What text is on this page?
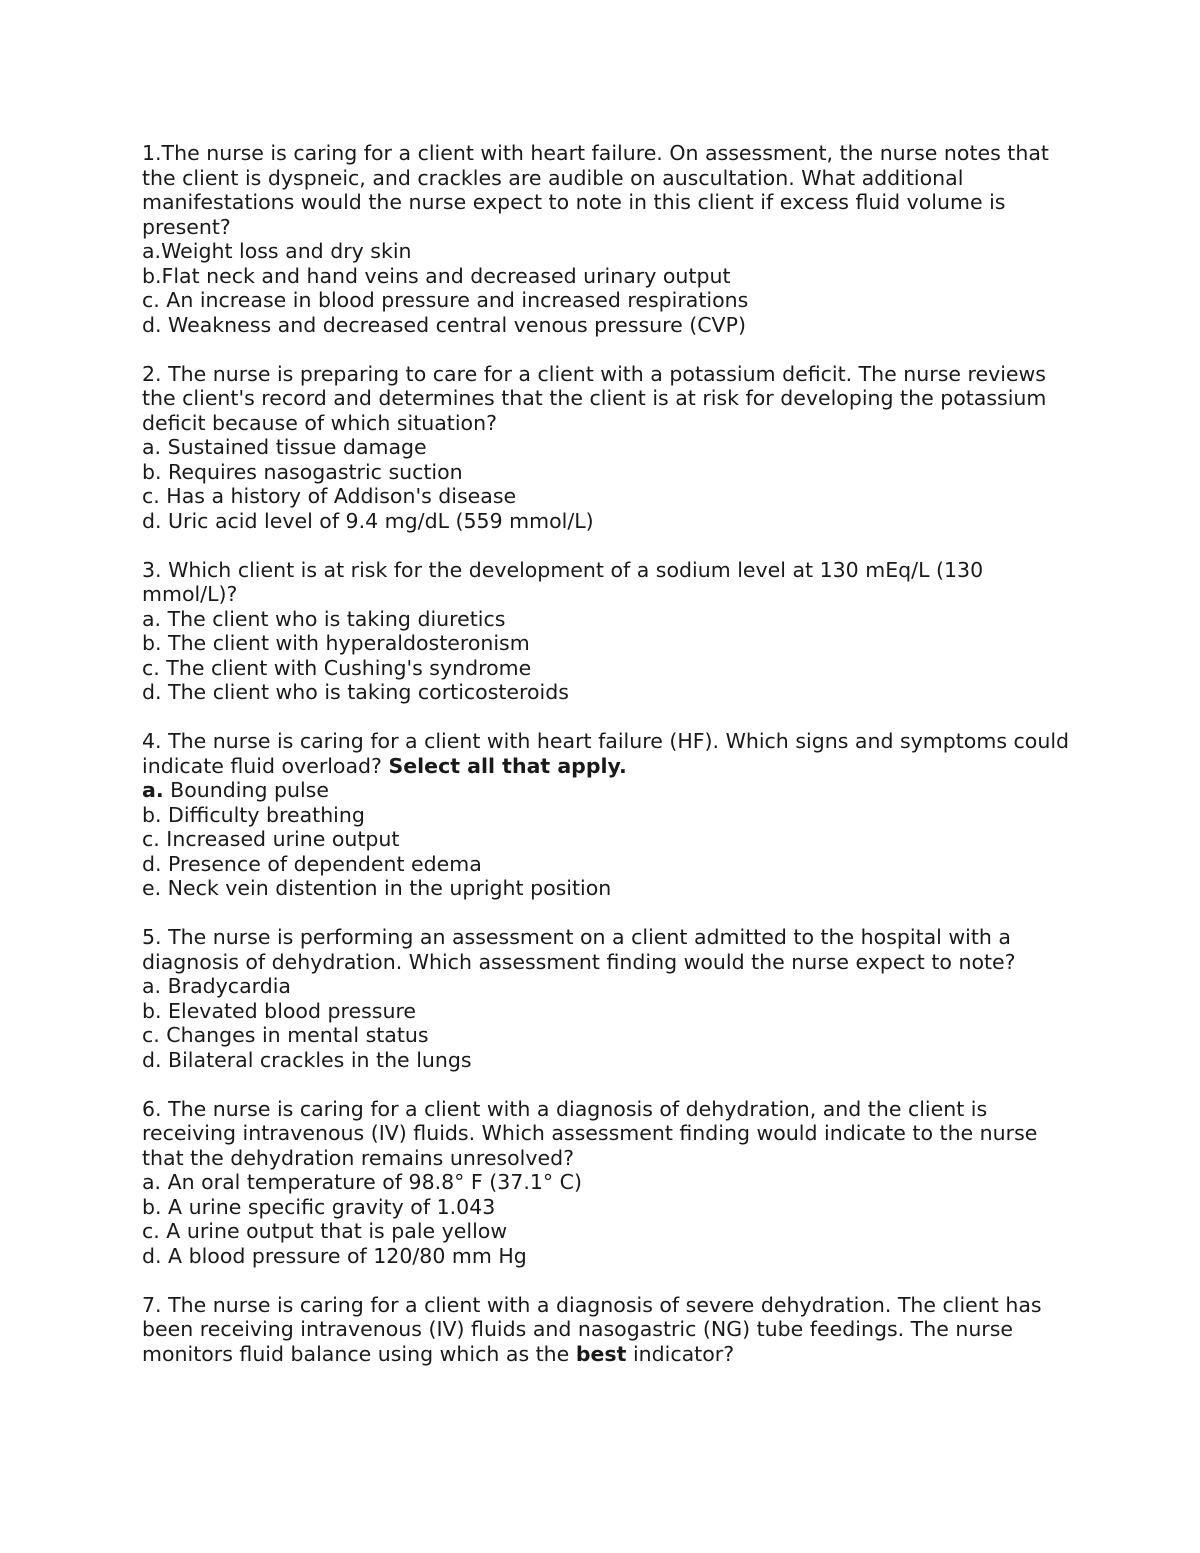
1.The nurse is caring for a client with heart failure. On assessment, the nurse notes that the client is dyspneic, and crackles are audible on auscultation. What additional manifestations would the nurse expect to note in this client if excess fluid volume is present?

a.Weight loss and dry skin

b.Flat neck and hand veins and decreased urinary output

c. An increase in blood pressure and increased respirations

d. Weakness and decreased central venous pressure (CVP)

2. The nurse is preparing to care for a client with a potassium deficit. The nurse reviews the client's record and determines that the client is at risk for developing the potassium deficit because of which situation?

a. Sustained tissue damage

b. Requires nasogastric suction

c. Has a history of Addison's disease

d. Uric acid level of 9.4 mg/dL (559 mmol/L)

3. Which client is at risk for the development of a sodium level at 130 mEq/L (130 mmol/L)?

a. The client who is taking diuretics

b. The client with hyperaldosteronism

c. The client with Cushing's syndrome

d. The client who is taking corticosteroids

4. The nurse is caring for a client with heart failure (HF). Which signs and symptoms could indicate fluid overload? Select all that apply.

a. Bounding pulse

b. Difficulty breathing

c. Increased urine output

d. Presence of dependent edema

e. Neck vein distention in the upright position

5. The nurse is performing an assessment on a client admitted to the hospital with a diagnosis of dehydration. Which assessment finding would the nurse expect to note?

a. Bradycardia

b. Elevated blood pressure

c. Changes in mental status

d. Bilateral crackles in the lungs

6. The nurse is caring for a client with a diagnosis of dehydration, and the client is receiving intravenous (IV) fluids. Which assessment finding would indicate to the nurse that the dehydration remains unresolved?

a. An oral temperature of 98.8° F (37.1° C)

b. A urine specific gravity of 1.043

c. A urine output that is pale yellow

d. A blood pressure of 120/80 mm Hg

7. The nurse is caring for a client with a diagnosis of severe dehydration. The client has been receiving intravenous (IV) fluids and nasogastric (NG) tube feedings. The nurse monitors fluid balance using which as the best indicator?
